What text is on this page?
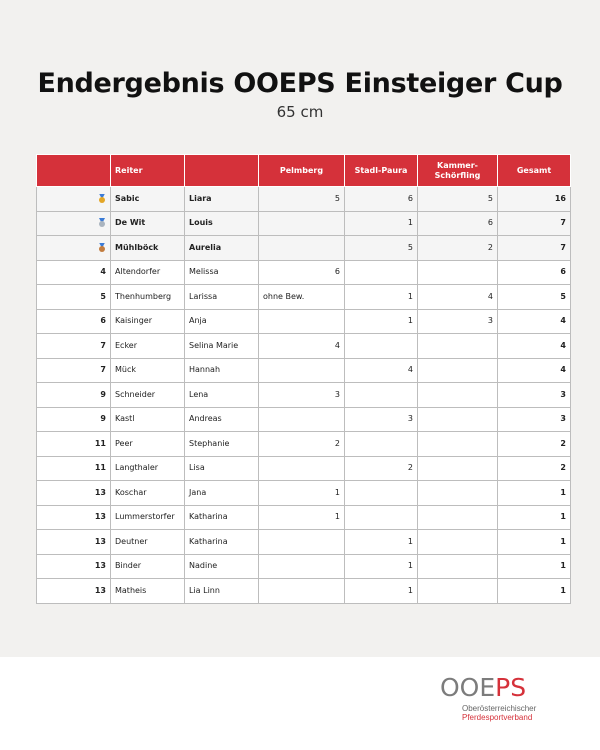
Endergebnis OOEPS Einsteiger Cup
65 cm
	Reiter		Pelmberg	Stadl-Paura	Kammer-Schörfling	Gesamt

	Sabic	Liara	5	6	5	16

	De Wit	Louis		1	6	7

	Mühlböck	Aurelia		5	2	7
4	Altendorfer	Melissa	6			6
5	Thenhumberg	Larissa	ohne Bew.	1	4	5
6	Kaisinger	Anja		1	3	4
7	Ecker	Selina Marie	4			4
7	Mück	Hannah		4		4
9	Schneider	Lena	3			3
9	Kastl	Andreas		3		3
11	Peer	Stephanie	2			2
11	Langthaler	Lisa		2		2
13	Koschar	Jana	1			1
13	Lummerstorfer	Katharina	1			1
13	Deutner	Katharina		1		1
13	Binder	Nadine		1		1
13	Matheis	Lia Linn		1		1
OOEPS
Oberösterreichischer
Pferdesportverband
